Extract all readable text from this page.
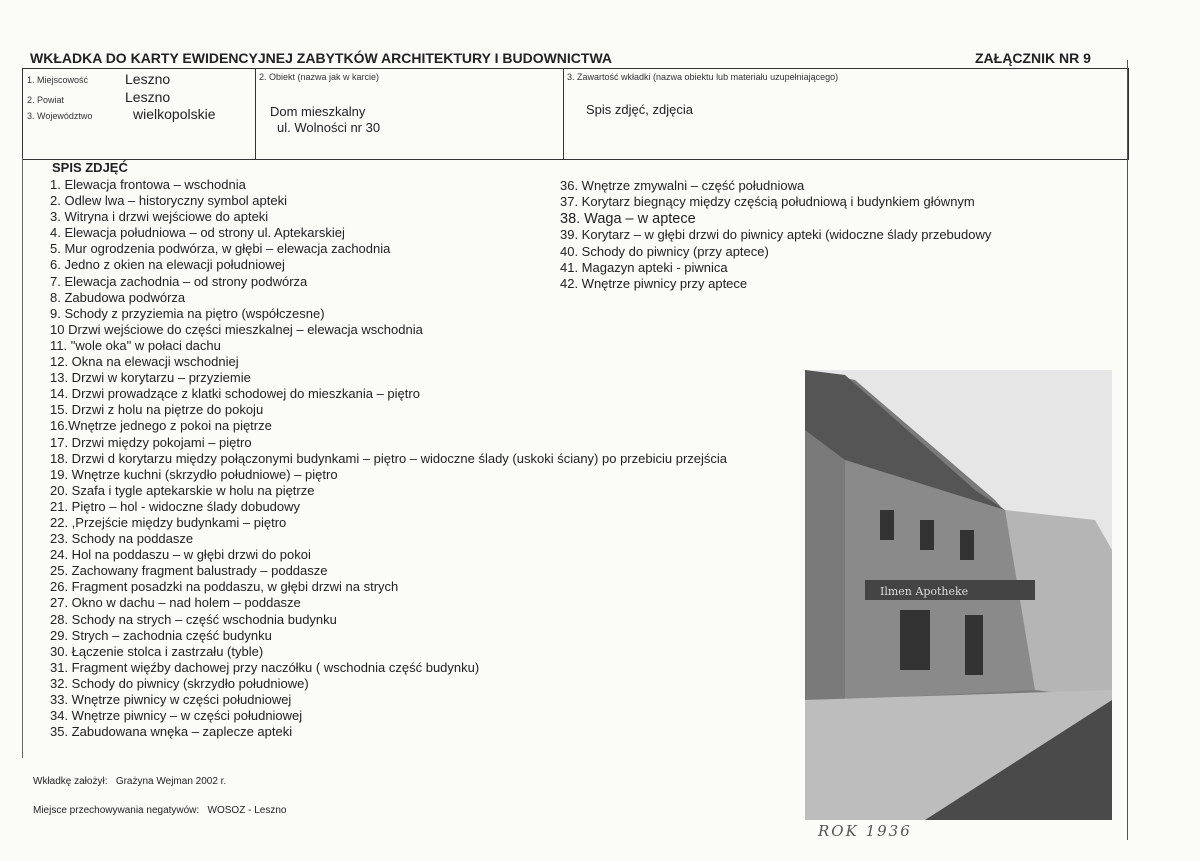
WKŁADKA DO KARTY EWIDENCYJNEJ ZABYTKÓW ARCHITEKTURY I BUDOWNICTWA	ZAŁĄCZNIK NR 9
1. Miejscowość	Leszno
2. Powiat	Leszno
3. Województwo	wielkopolskie
2. Obiekt (nazwa jak w karcie)
Dom mieszkalny
ul. Wolności nr 30
3. Zawartość wkładki (nazwa obiektu lub materiału uzupełniającego)
Spis zdjęć, zdjęcia
SPIS ZDJĘĆ
1. Elewacja frontowa – wschodnia
2. Odlew lwa – historyczny symbol apteki
3. Witryna i drzwi wejściowe do apteki
4. Elewacja południowa – od strony ul. Aptekarskiej
5. Mur ogrodzenia podwórza, w głębi – elewacja zachodnia
6. Jedno z okien na elewacji południowej
7. Elewacja zachodnia – od strony podwórza
8. Zabudowa podwórza
9. Schody z przyziemia na piętro (współczesne)
10 Drzwi wejściowe do części mieszkalnej – elewacja wschodnia
11. "wole oka" w połaci dachu
12. Okna na elewacji wschodniej
13. Drzwi w korytarzu – przyziemie
14. Drzwi prowadzące z klatki schodowej do mieszkania – piętro
15. Drzwi z holu na piętrze do pokoju
16.Wnętrze jednego z pokoi na piętrze
17. Drzwi między pokojami – piętro
18. Drzwi d korytarzu między połączonymi budynkami – piętro – widoczne ślady (uskoki ściany) po przebiciu przejścia
19. Wnętrze kuchni (skrzydło południowe) – piętro
20. Szafa i tygle aptekarskie w holu na piętrze
21. Piętro – hol - widoczne ślady dobudowy
22. ,Przejście między budynkami – piętro
23. Schody na poddasze
24. Hol na poddaszu – w głębi drzwi do pokoi
25. Zachowany fragment balustrady – poddasze
26. Fragment posadzki na poddaszu, w głębi drzwi na strych
27. Okno w dachu – nad holem – poddasze
28. Schody na strych – część wschodnia budynku
29. Strych – zachodnia część budynku
30. Łączenie stolca i zastrzału (tyble)
31. Fragment więźby dachowej przy naczółku ( wschodnia część budynku)
32. Schody do piwnicy (skrzydło południowe)
33. Wnętrze piwnicy w części południowej
34. Wnętrze piwnicy – w części południowej
35. Zabudowana wnęka – zaplecze apteki
36. Wnętrze zmywalni – część południowa
37. Korytarz biegnący między częścią południową i budynkiem głównym
38. Waga – w aptece
39. Korytarz – w głębi drzwi do piwnicy apteki (widoczne ślady przebudowy
40. Schody do piwnicy (przy aptece)
41. Magazyn apteki - piwnica
42. Wnętrze piwnicy przy aptece
Ilmen Apotheke
ROK 1936
Wkładkę założył: Grażyna Wejman 2002 r.
Miejsce przechowywania negatywów: WOSOZ - Leszno
